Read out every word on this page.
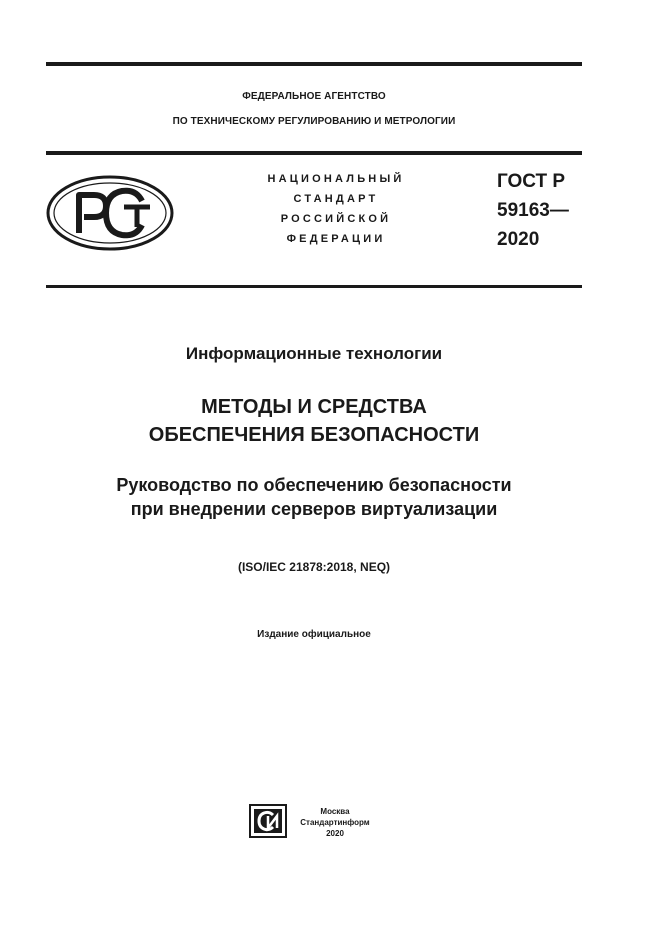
ФЕДЕРАЛЬНОЕ АГЕНТСТВО
ПО ТЕХНИЧЕСКОМУ РЕГУЛИРОВАНИЮ И МЕТРОЛОГИИ
НАЦИОНАЛЬНЫЙ
СТАНДАРТ
РОССИЙСКОЙ
ФЕДЕРАЦИИ
ГОСТ Р
59163—
2020
Информационные технологии
МЕТОДЫ И СРЕДСТВА
ОБЕСПЕЧЕНИЯ БЕЗОПАСНОСТИ
Руководство по обеспечению безопасности
при внедрении серверов виртуализации
(ISO/IEC 21878:2018, NEQ)
Издание официальное
Москва
Стандартинформ
2020
